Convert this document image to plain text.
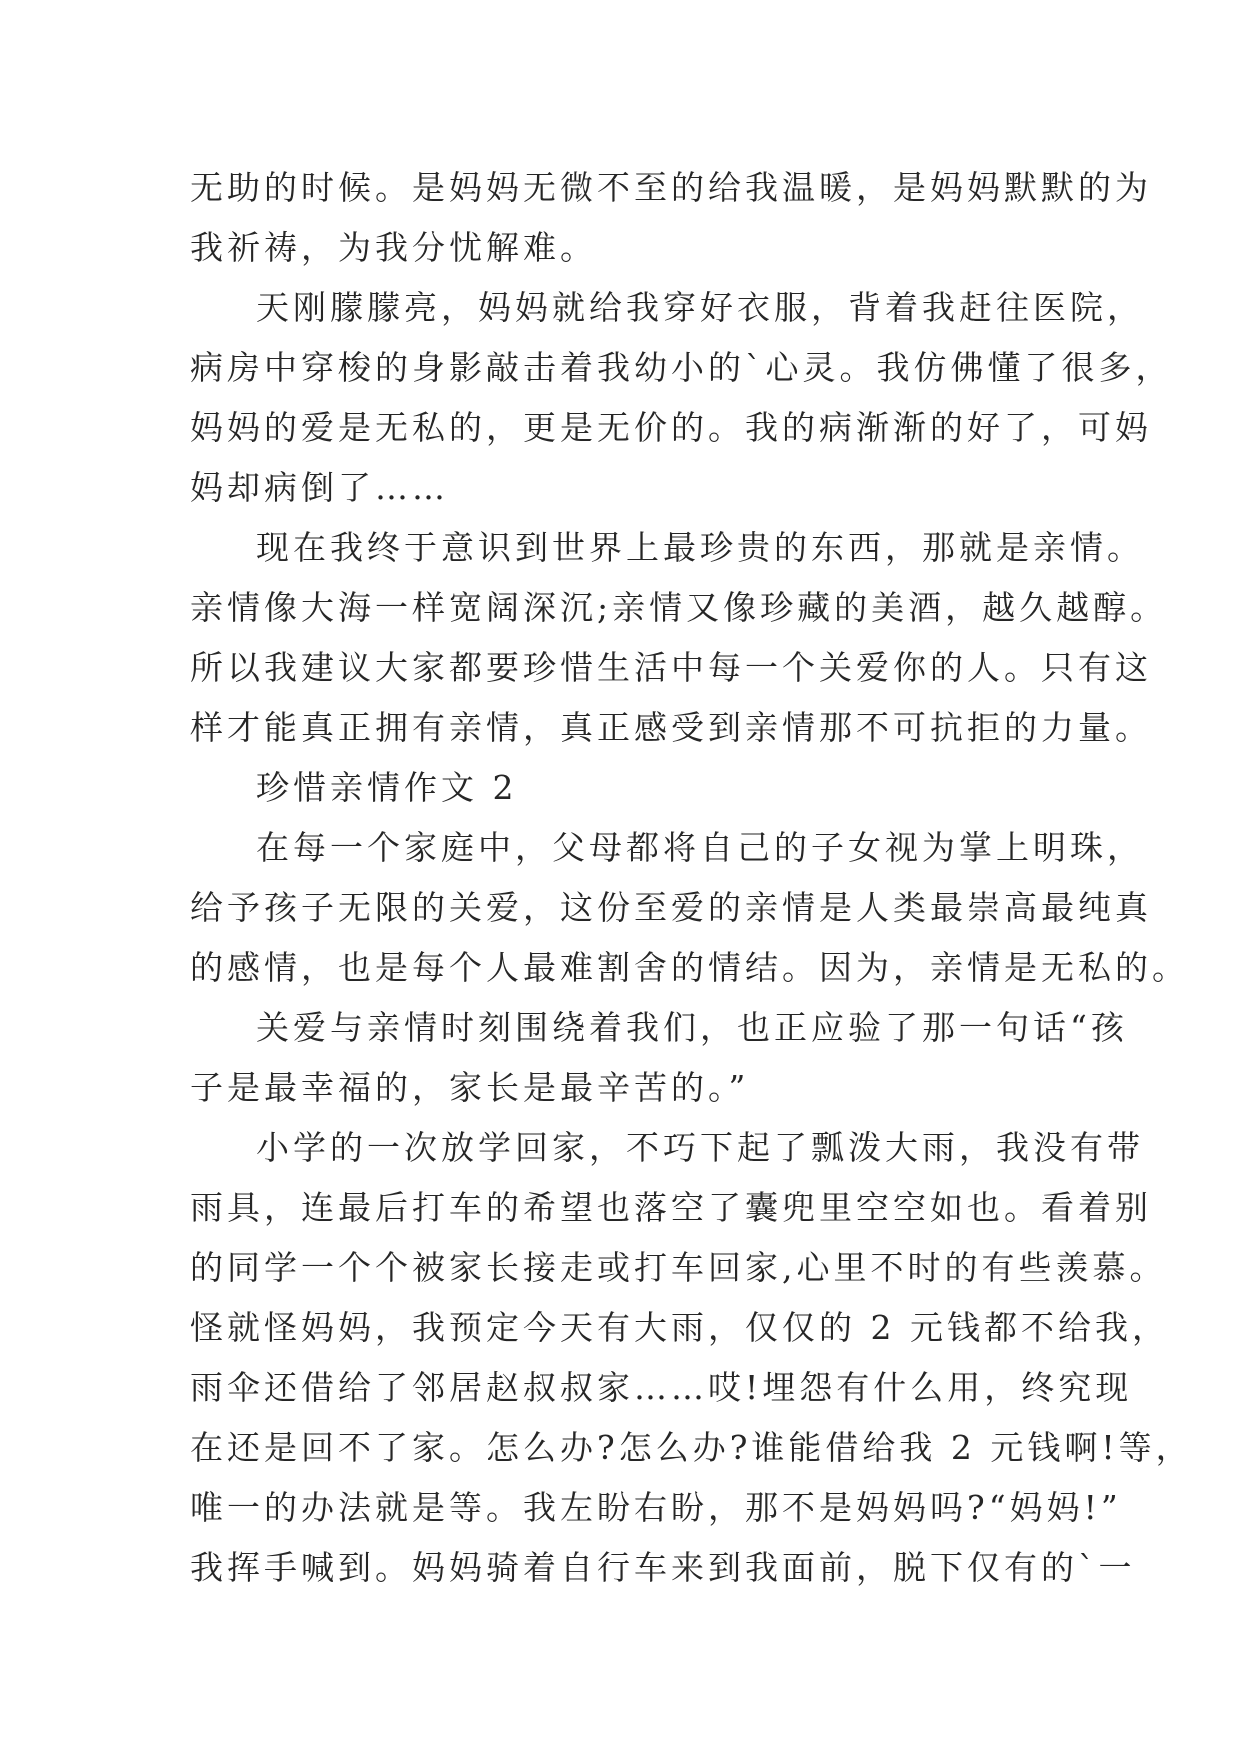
无助的时候。是妈妈无微不至的给我温暖，是妈妈默默的为
我祈祷，为我分忧解难。
天刚朦朦亮，妈妈就给我穿好衣服，背着我赶往医院，
病房中穿梭的身影敲击着我幼小的`心灵。我仿佛懂了很多，
妈妈的爱是无私的，更是无价的。我的病渐渐的好了，可妈
妈却病倒了……
现在我终于意识到世界上最珍贵的东西，那就是亲情。
亲情像大海一样宽阔深沉;亲情又像珍藏的美酒，越久越醇。
所以我建议大家都要珍惜生活中每一个关爱你的人。只有这
样才能真正拥有亲情，真正感受到亲情那不可抗拒的力量。
珍惜亲情作文 2
在每一个家庭中，父母都将自己的子女视为掌上明珠，
给予孩子无限的关爱，这份至爱的亲情是人类最崇高最纯真
的感情，也是每个人最难割舍的情结。因为，亲情是无私的。
关爱与亲情时刻围绕着我们，也正应验了那一句话“孩
子是最幸福的，家长是最辛苦的。”
小学的一次放学回家，不巧下起了瓢泼大雨，我没有带
雨具，连最后打车的希望也落空了囊兜里空空如也。看着别
的同学一个个被家长接走或打车回家,心里不时的有些羡慕。
怪就怪妈妈，我预定今天有大雨，仅仅的 2 元钱都不给我，
雨伞还借给了邻居赵叔叔家……哎!埋怨有什么用，终究现
在还是回不了家。怎么办?怎么办?谁能借给我 2 元钱啊!等，
唯一的办法就是等。我左盼右盼，那不是妈妈吗?“妈妈!”
我挥手喊到。妈妈骑着自行车来到我面前，脱下仅有的`一
